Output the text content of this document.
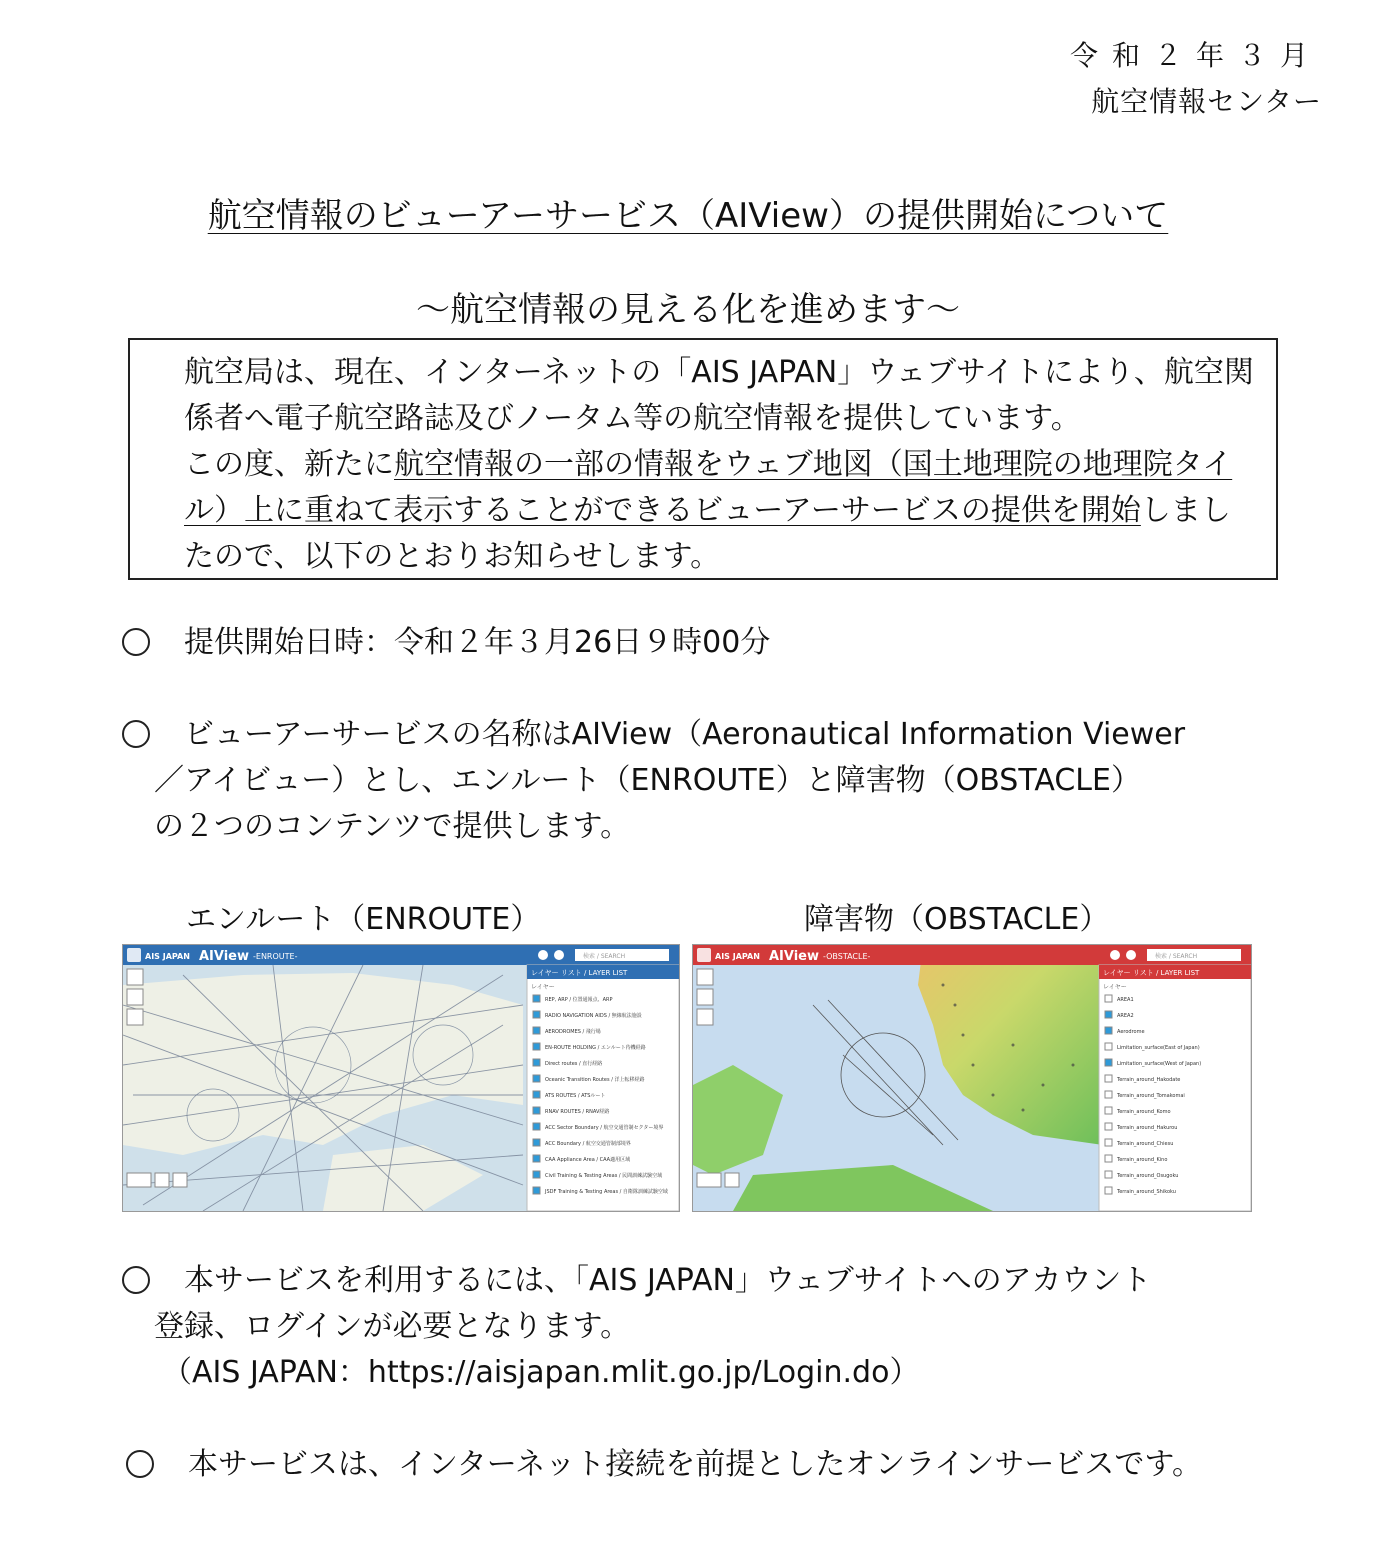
令和２年３月
航空情報センター
航空情報のビューアーサービス（AIView）の提供開始について
～航空情報の見える化を進めます～

航空局は、現在、インターネットの「AIS JAPAN」ウェブサイトにより、航空関係者へ電子航空路誌及びノータム等の航空情報を提供しています。

この度、新たに航空情報の一部の情報をウェブ地図（国土地理院の地理院タイル）上に重ねて表示することができるビューアーサービスの提供を開始しましたので、以下のとおりお知らせします。

提供開始日時：令和２年３月26日９時00分
ビューアーサービスの名称はAIView（Aeronautical Information Viewer
／アイビュー）とし、エンルート（ENROUTE）と障害物（OBSTACLE）
の２つのコンテンツで提供します。
エンルート（ENROUTE）	障害物（OBSTACLE）
AIS JAPAN AIView -ENROUTE-	検索 / SEARCH
レイヤー リスト / LAYER LIST
レイヤー
REP, ARP / 位置通報点、ARP
RADIO NAVIGATION AIDS / 無線航法施設
AERODROMES / 飛行場
EN-ROUTE HOLDING / エンルート待機経路
Direct routes / 直行経路
Oceanic Transition Routes / 洋上転移経路
ATS ROUTES / ATSルート
RNAV ROUTES / RNAV経路
ACC Sector Boundary / 航空交通管制セクター境界
ACC Boundary / 航空交通管制部境界
CAA Appliance Area / CAA適用区域
Civil Training & Testing Areas / 民間訓練試験空域
JSDF Training & Testing Areas / 自衛隊訓練試験空域
AIS JAPAN AIView -OBSTACLE-	検索 / SEARCH
レイヤー リスト / LAYER LIST
レイヤー
AREA1
AREA2
Aerodrome
Limitation_surface(East of Japan)
Limitation_surface(West of Japan)
Terrain_around_Hakodate
Terrain_around_Tomakomai
Terrain_around_Komo
Terrain_around_Hakurou
Terrain_around_Chiesu
Terrain_around_Kino
Terrain_around_Osugoku
Terrain_around_Shikoku
本サービスを利用するには、「AIS JAPAN」ウェブサイトへのアカウント
登録、ログインが必要となります。
（AIS JAPAN：https://aisjapan.mlit.go.jp/Login.do）
本サービスは、インターネット接続を前提としたオンラインサービスです。
